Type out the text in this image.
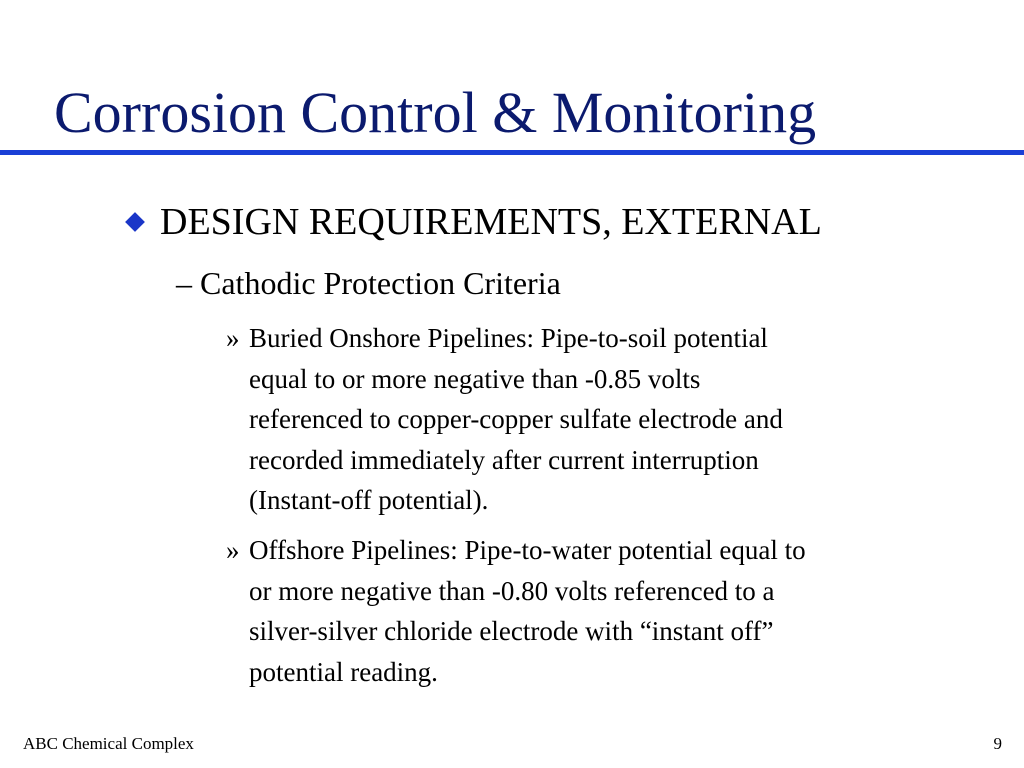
Corrosion Control & Monitoring
DESIGN REQUIREMENTS, EXTERNAL
– Cathodic Protection Criteria
» Buried Onshore Pipelines: Pipe-to-soil potential
equal to or more negative than -0.85 volts
referenced to copper-copper sulfate electrode and
recorded immediately after current interruption
(Instant-off potential).
» Offshore Pipelines: Pipe-to-water potential equal to
or more negative than -0.80 volts referenced to a
silver-silver chloride electrode with “instant off”
potential reading.
ABC Chemical Complex	9
